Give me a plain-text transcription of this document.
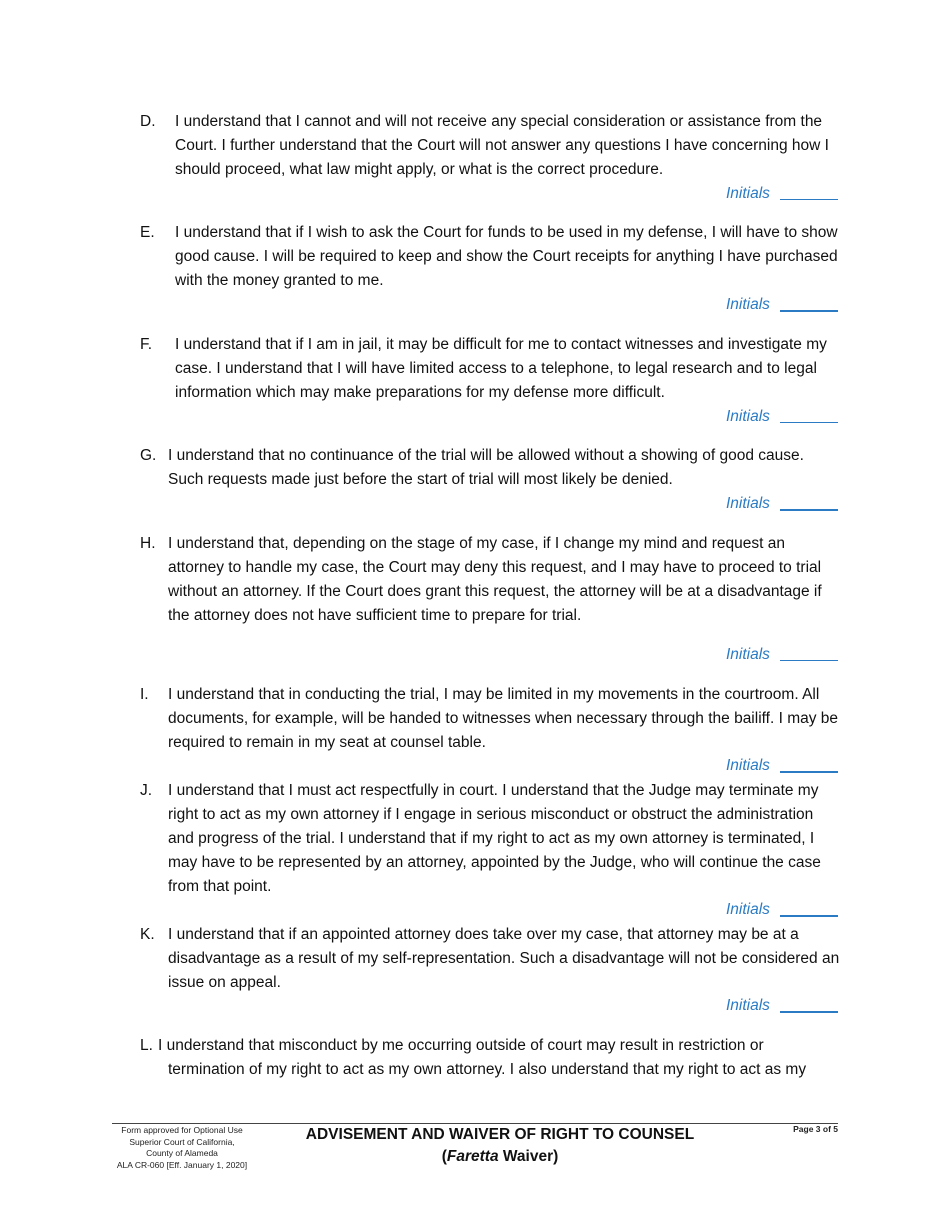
D. I understand that I cannot and will not receive any special consideration or assistance from the Court. I further understand that the Court will not answer any questions I have concerning how I should proceed, what law might apply, or what is the correct procedure.
Initials
E. I understand that if I wish to ask the Court for funds to be used in my defense, I will have to show good cause. I will be required to keep and show the Court receipts for anything I have purchased with the money granted to me.
Initials
F. I understand that if I am in jail, it may be difficult for me to contact witnesses and investigate my case. I understand that I will have limited access to a telephone, to legal research and to legal information which may make preparations for my defense more difficult.
Initials
G. I understand that no continuance of the trial will be allowed without a showing of good cause. Such requests made just before the start of trial will most likely be denied.
Initials
H. I understand that, depending on the stage of my case, if I change my mind and request an attorney to handle my case, the Court may deny this request, and I may have to proceed to trial without an attorney. If the Court does grant this request, the attorney will be at a disadvantage if the attorney does not have sufficient time to prepare for trial.
Initials
I. I understand that in conducting the trial, I may be limited in my movements in the courtroom. All documents, for example, will be handed to witnesses when necessary through the bailiff. I may be required to remain in my seat at counsel table.
Initials
J. I understand that I must act respectfully in court. I understand that the Judge may terminate my right to act as my own attorney if I engage in serious misconduct or obstruct the administration and progress of the trial. I understand that if my right to act as my own attorney is terminated, I may have to be represented by an attorney, appointed by the Judge, who will continue the case from that point.
Initials
K. I understand that if an appointed attorney does take over my case, that attorney may be at a disadvantage as a result of my self-representation. Such a disadvantage will not be considered an issue on appeal.
Initials
L. I understand that misconduct by me occurring outside of court may result in restriction or termination of my right to act as my own attorney. I also understand that my right to act as my
Form approved for Optional Use
Superior Court of California,
County of Alameda
ALA CR-060 [Eff. January 1, 2020]
ADVISEMENT AND WAIVER OF RIGHT TO COUNSEL
(Faretta Waiver)
Page 3 of 5
